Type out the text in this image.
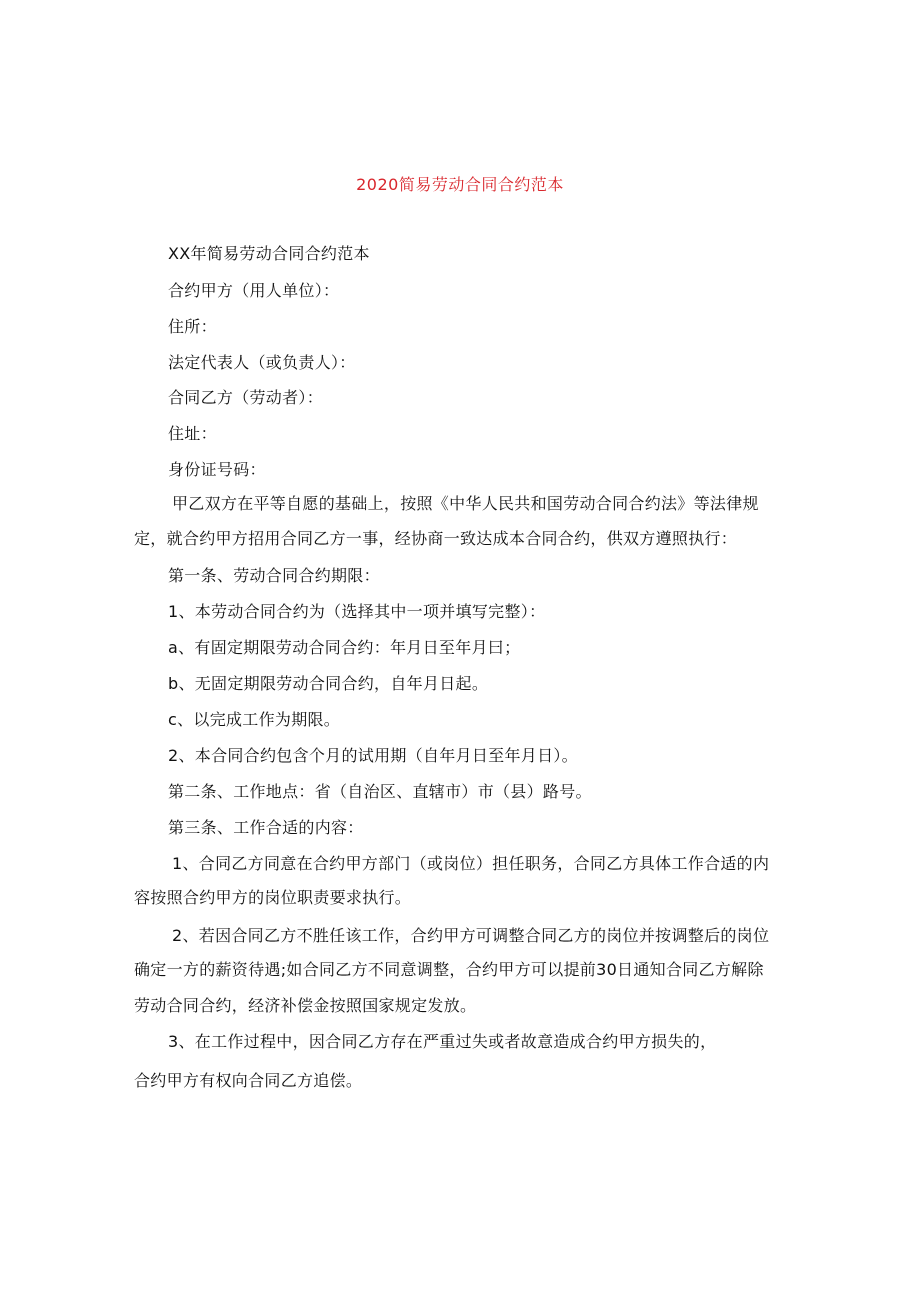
2020简易劳动合同合约范本
XX年简易劳动合同合约范本
合约甲方（用人单位）：
住所：
法定代表人（或负责人）：
合同乙方（劳动者）：
住址：
身份证号码：
甲乙双方在平等自愿的基础上，按照《中华人民共和国劳动合同合约法》等法律规
定，就合约甲方招用合同乙方一事，经协商一致达成本合同合约，供双方遵照执行：
第一条、劳动合同合约期限：
1、本劳动合同合约为（选择其中一项并填写完整）：
a、有固定期限劳动合同合约：年月日至年月曰；
b、无固定期限劳动合同合约，自年月日起。
c、以完成工作为期限。
2、本合同合约包含个月的试用期（自年月日至年月日）。
第二条、工作地点：省（自治区、直辖市）市（县）路号。
第三条、工作合适的内容：
1、合同乙方同意在合约甲方部门（或岗位）担任职务，合同乙方具体工作合适的内
容按照合约甲方的岗位职责要求执行。
2、若因合同乙方不胜任该工作，合约甲方可调整合同乙方的岗位并按调整后的岗位
确定一方的薪资待遇;如合同乙方不同意调整，合约甲方可以提前30日通知合同乙方解除
劳动合同合约，经济补偿金按照国家规定发放。
3、在工作过程中，因合同乙方存在严重过失或者故意造成合约甲方损失的，
合约甲方有权向合同乙方追偿。
